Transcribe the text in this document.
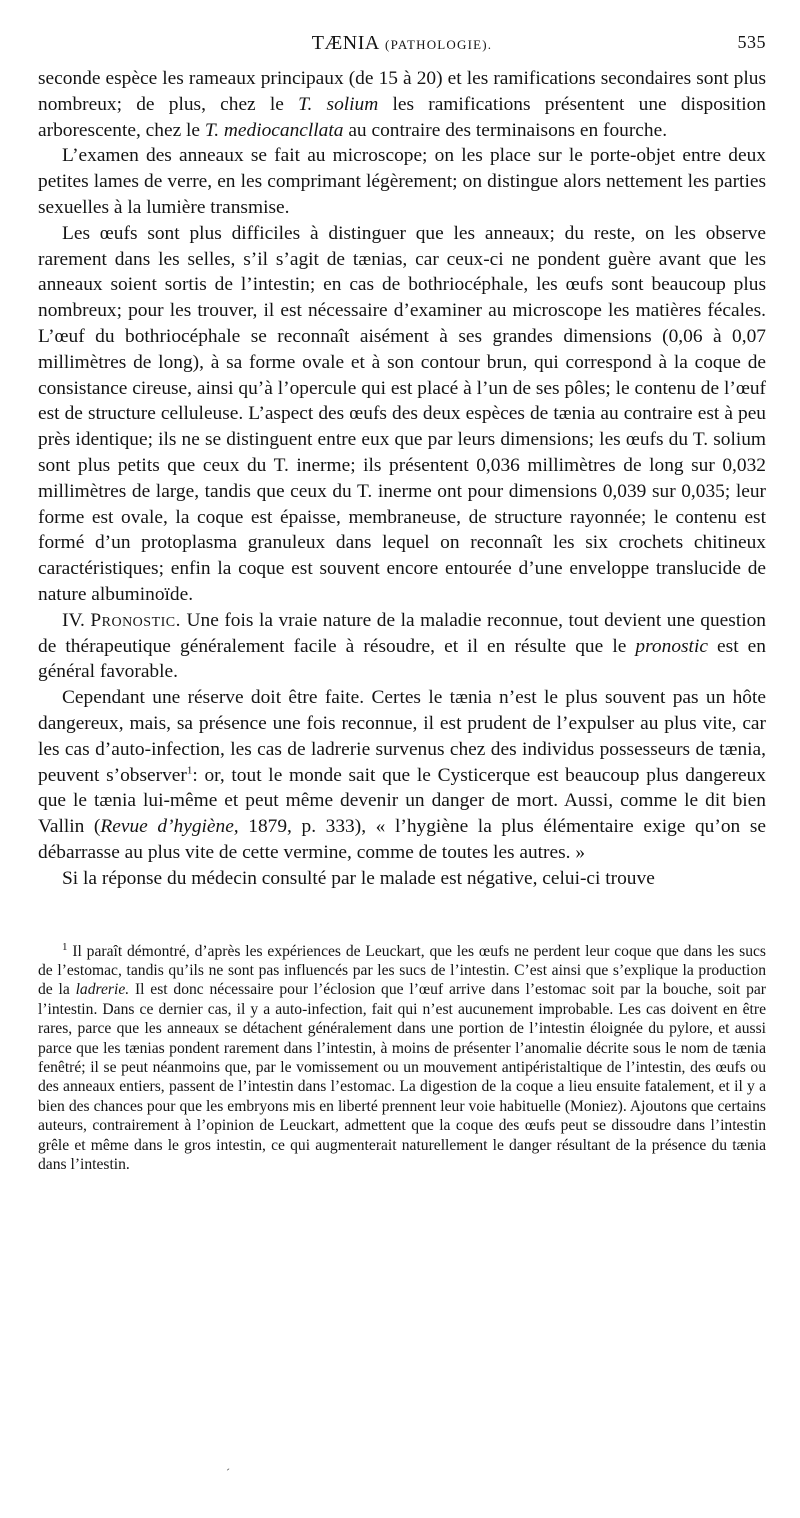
TÆNIA (PATHOLOGIE).	535

seconde espèce les rameaux principaux (de 15 à 20) et les ramifications secondaires sont plus nombreux; de plus, chez le T. solium les ramifications présentent une disposition arborescente, chez le T. mediocancllata au contraire des terminaisons en fourche.

L’examen des anneaux se fait au microscope; on les place sur le porte-objet entre deux petites lames de verre, en les comprimant légèrement; on distingue alors nettement les parties sexuelles à la lumière transmise.

Les œufs sont plus difficiles à distinguer que les anneaux; du reste, on les observe rarement dans les selles, s’il s’agit de tænias, car ceux-ci ne pondent guère avant que les anneaux soient sortis de l’intestin; en cas de bothriocéphale, les œufs sont beaucoup plus nombreux; pour les trouver, il est nécessaire d’examiner au microscope les matières fécales. L’œuf du bothriocéphale se reconnaît aisément à ses grandes dimensions (0,06 à 0,07 millimètres de long), à sa forme ovale et à son contour brun, qui correspond à la coque de consistance cireuse, ainsi qu’à l’opercule qui est placé à l’un de ses pôles; le contenu de l’œuf est de structure celluleuse. L’aspect des œufs des deux espèces de tænia au contraire est à peu près identique; ils ne se distinguent entre eux que par leurs dimensions; les œufs du T. solium sont plus petits que ceux du T. inerme; ils présentent 0,036 millimètres de long sur 0,032 millimètres de large, tandis que ceux du T. inerme ont pour dimensions 0,039 sur 0,035; leur forme est ovale, la coque est épaisse, membraneuse, de structure rayonnée; le contenu est formé d’un protoplasma granuleux dans lequel on reconnaît les six crochets chitineux caractéristiques; enfin la coque est souvent encore entourée d’une enveloppe translucide de nature albuminoïde.

IV. Pronostic. Une fois la vraie nature de la maladie reconnue, tout devient une question de thérapeutique généralement facile à résoudre, et il en résulte que le pronostic est en général favorable.

Cependant une réserve doit être faite. Certes le tænia n’est le plus souvent pas un hôte dangereux, mais, sa présence une fois reconnue, il est prudent de l’expulser au plus vite, car les cas d’auto-infection, les cas de ladrerie survenus chez des individus possesseurs de tænia, peuvent s’observer$^1$: or, tout le monde sait que le Cysticerque est beaucoup plus dangereux que le tænia lui-même et peut même devenir un danger de mort. Aussi, comme le dit bien Vallin (Revue d’hygiène, 1879, p. 333), « l’hygiène la plus élémentaire exige qu’on se débarrasse au plus vite de cette vermine, comme de toutes les autres. »

Si la réponse du médecin consulté par le malade est négative, celui-ci trouve

$^1$ Il paraît démontré, d’après les expériences de Leuckart, que les œufs ne perdent leur coque que dans les sucs de l’estomac, tandis qu’ils ne sont pas influencés par les sucs de l’intestin. C’est ainsi que s’explique la production de la ladrerie. Il est donc nécessaire pour l’éclosion que l’œuf arrive dans l’estomac soit par la bouche, soit par l’intestin. Dans ce dernier cas, il y a auto-infection, fait qui n’est aucunement improbable. Les cas doivent en être rares, parce que les anneaux se détachent généralement dans une portion de l’intestin éloignée du pylore, et aussi parce que les tænias pondent rarement dans l’intestin, à moins de présenter l’anomalie décrite sous le nom de tænia fenêtré; il se peut néanmoins que, par le vomissement ou un mouvement antipéristaltique de l’intestin, des œufs ou des anneaux entiers, passent de l’intestin dans l’estomac. La digestion de la coque a lieu ensuite fatalement, et il y a bien des chances pour que les embryons mis en liberté prennent leur voie habituelle (Moniez). Ajoutons que certains auteurs, contrairement à l’opinion de Leuckart, admettent que la coque des œufs peut se dissoudre dans l’intestin grêle et même dans le gros intestin, ce qui augmenterait naturellement le danger résultant de la présence du tænia dans l’intestin.

ˊ
